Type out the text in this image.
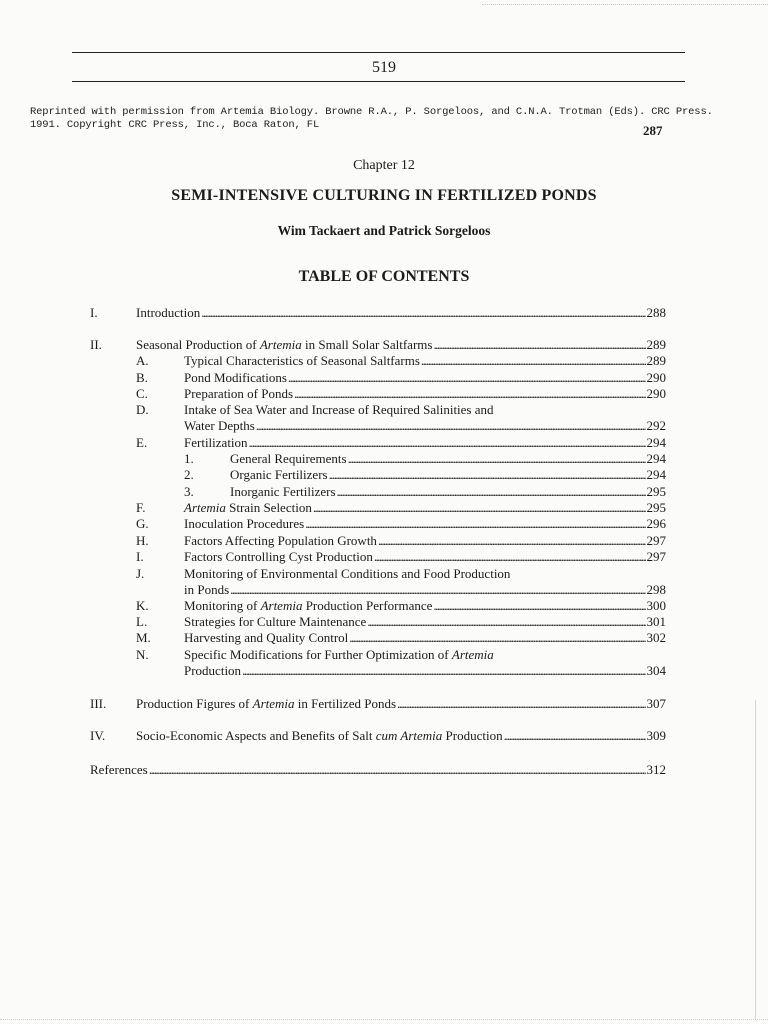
519
Reprinted with permission from Artemia Biology. Browne R.A., P. Sorgeloos, and C.N.A. Trotman (Eds). CRC Press.
1991. Copyright CRC Press, Inc., Boca Raton, FL	287
Chapter 12
SEMI-INTENSIVE CULTURING IN FERTILIZED PONDS
Wim Tackaert and Patrick Sorgeloos
TABLE OF CONTENTS
I.	Introduction . . .	288
II.	Seasonal Production of Artemia in Small Solar Saltfarms . . .	289
A.	Typical Characteristics of Seasonal Saltfarms . . .	289
B.	Pond Modifications . . .	290
C.	Preparation of Ponds . . .	290
D.	Intake of Sea Water and Increase of Required Salinities and
Water Depths . . .	292
E.	Fertilization . . .	294
1.	General Requirements . . .	294
2.	Organic Fertilizers . . .	294
3.	Inorganic Fertilizers . . .	295
F.	Artemia Strain Selection . . .	295
G.	Inoculation Procedures . . .	296
H.	Factors Affecting Population Growth . . .	297
I.	Factors Controlling Cyst Production . . .	297
J.	Monitoring of Environmental Conditions and Food Production
in Ponds . . .	298
K.	Monitoring of Artemia Production Performance . . .	300
L.	Strategies for Culture Maintenance . . .	301
M.	Harvesting and Quality Control . . .	302
N.	Specific Modifications for Further Optimization of Artemia
Production . . .	304
III. Production Figures of Artemia in Fertilized Ponds . . .	307
IV. Socio-Economic Aspects and Benefits of Salt cum Artemia Production . . .	309
References . . .	312
